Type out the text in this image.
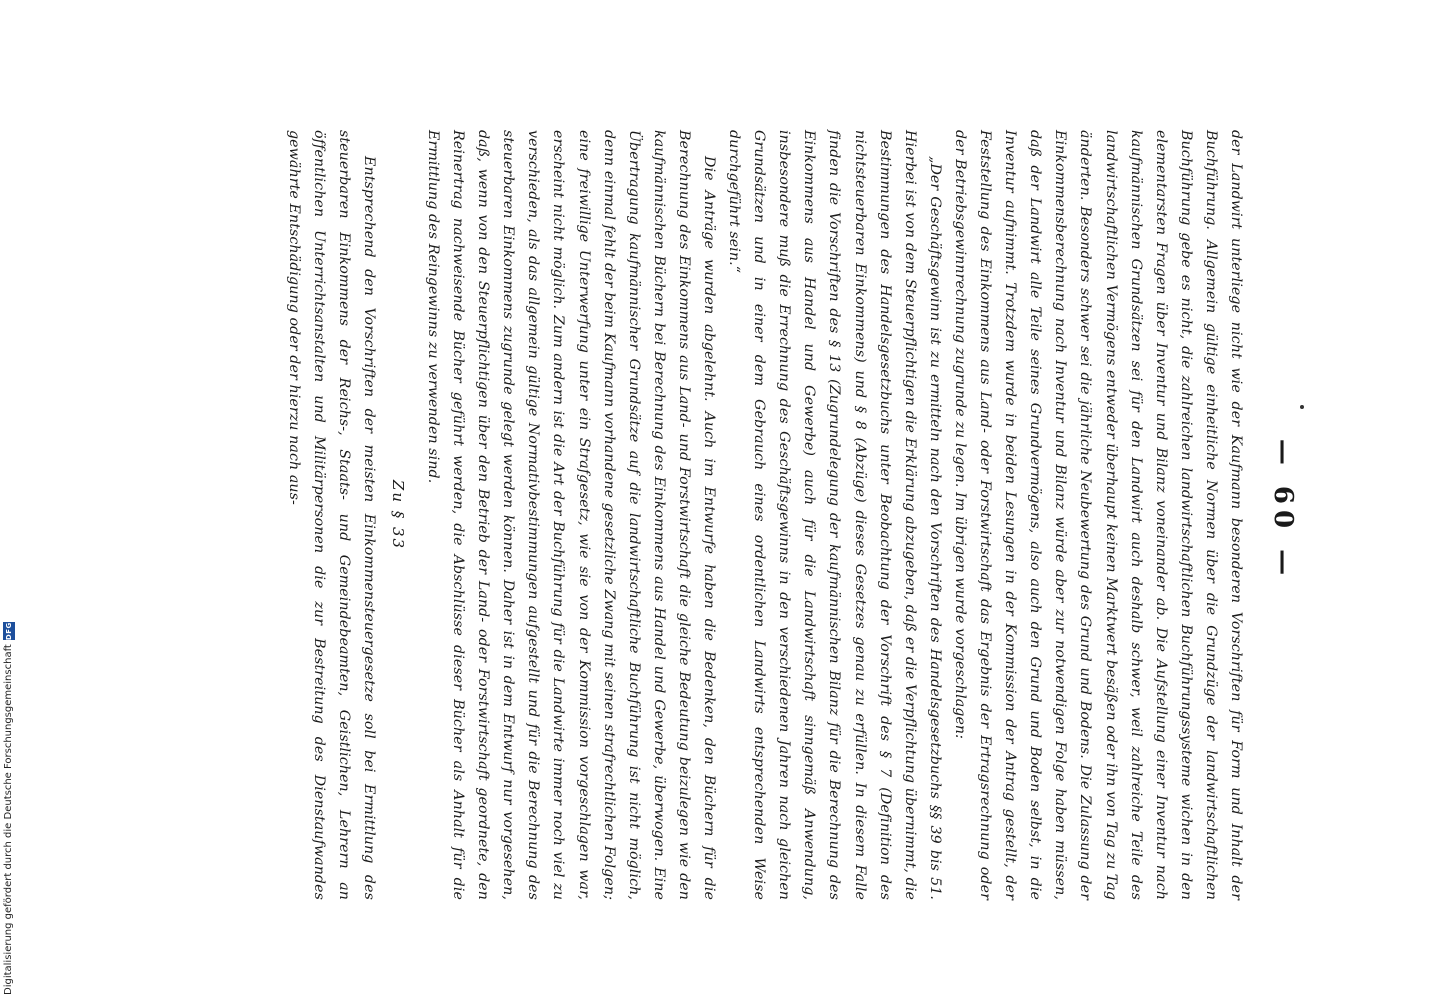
— 60 —

der Landwirt unterliege nicht wie der Kaufmann besonderen Vorschriften für Form und Inhalt der Buchführung. Allgemein gültige einheitliche Normen über die Grundzüge der landwirtschaftlichen Buchführung gebe es nicht, die zahlreichen landwirtschaftlichen Buchführungssysteme wichen in den elementarsten Fragen über Inventur und Bilanz voneinander ab. Die Aufstellung einer Inventur nach kaufmännischen Grundsätzen sei für den Landwirt auch deshalb schwer, weil zahlreiche Teile des landwirtschaftlichen Vermögens entweder überhaupt keinen Marktwert besäßen oder ihn von Tag zu Tag änderten. Besonders schwer sei die jährliche Neubewertung des Grund und Bodens. Die Zulassung der Einkommensberechnung nach Inventur und Bilanz würde aber zur notwendigen Folge haben müssen, daß der Landwirt alle Teile seines Grundvermögens, also auch den Grund und Boden selbst, in die Inventur aufnimmt. Trotzdem wurde in beiden Lesungen in der Kommission der Antrag gestellt, der Feststellung des Einkommens aus Land- oder Forstwirtschaft das Ergebnis der Ertragsrechnung oder der Betriebsgewinnrechnung zugrunde zu legen. Im übrigen wurde vorgeschlagen:

„Der Geschäftsgewinn ist zu ermitteln nach den Vorschriften des Handelsgesetzbuchs §§ 39 bis 51. Hierbei ist von dem Steuerpflichtigen die Erklärung abzugeben, daß er die Verpflichtung übernimmt, die Bestimmungen des Handelsgesetzbuchs unter Beobachtung der Vorschrift des § 7 (Definition des nichtsteuerbaren Einkommens) und § 8 (Abzüge) dieses Gesetzes genau zu erfüllen. In diesem Falle finden die Vorschriften des § 13 (Zugrundelegung der kaufmännischen Bilanz für die Berechnung des Einkommens aus Handel und Gewerbe) auch für die Landwirtschaft sinngemäß Anwendung, insbesondere muß die Errechnung des Geschäftsgewinns in den verschiedenen Jahren nach gleichen Grundsätzen und in einer dem Gebrauch eines ordentlichen Landwirts entsprechenden Weise durchgeführt sein.“

Die Anträge wurden abgelehnt. Auch im Entwurfe haben die Bedenken, den Büchern für die Berechnung des Einkommens aus Land- und Forstwirtschaft die gleiche Bedeutung beizulegen wie den kaufmännischen Büchern bei Berechnung des Einkommens aus Handel und Gewerbe, überwogen. Eine Übertragung kaufmännischer Grundsätze auf die landwirtschaftliche Buchführung ist nicht möglich, denn einmal fehlt der beim Kaufmann vorhandene gesetzliche Zwang mit seinen strafrechtlichen Folgen; eine freiwillige Unterwerfung unter ein Strafgesetz, wie sie von der Kommission vorgeschlagen war, erscheint nicht möglich. Zum andern ist die Art der Buchführung für die Landwirte immer noch viel zu verschieden, als das allgemein gültige Normativbestimmungen aufgestellt und für die Berechnung des steuerbaren Einkommens zugrunde gelegt werden können. Daher ist in dem Entwurf nur vorgesehen, daß, wenn von den Steuerpflichtigen über den Betrieb der Land- oder Forstwirtschaft geordnete, den Reinertrag nachweisende Bücher geführt werden, die Abschlüsse dieser Bücher als Anhalt für die Ermittlung des Reingewinns zu verwenden sind.

Zu § 33

Entsprechend den Vorschriften der meisten Einkommensteuergesetze soll bei Ermittlung des steuerbaren Einkommens der Reichs-, Staats- und Gemeindebeamten, Geistlichen, Lehrern an öffentlichen Unterrichtsanstalten und Militärpersonen die zur Bestreitung des Dienstaufwandes gewährte Entschädigung oder der hierzu nach aus-

Digitalisierung gefördert durch die Deutsche Forschungsgemeinschaft
DFG
